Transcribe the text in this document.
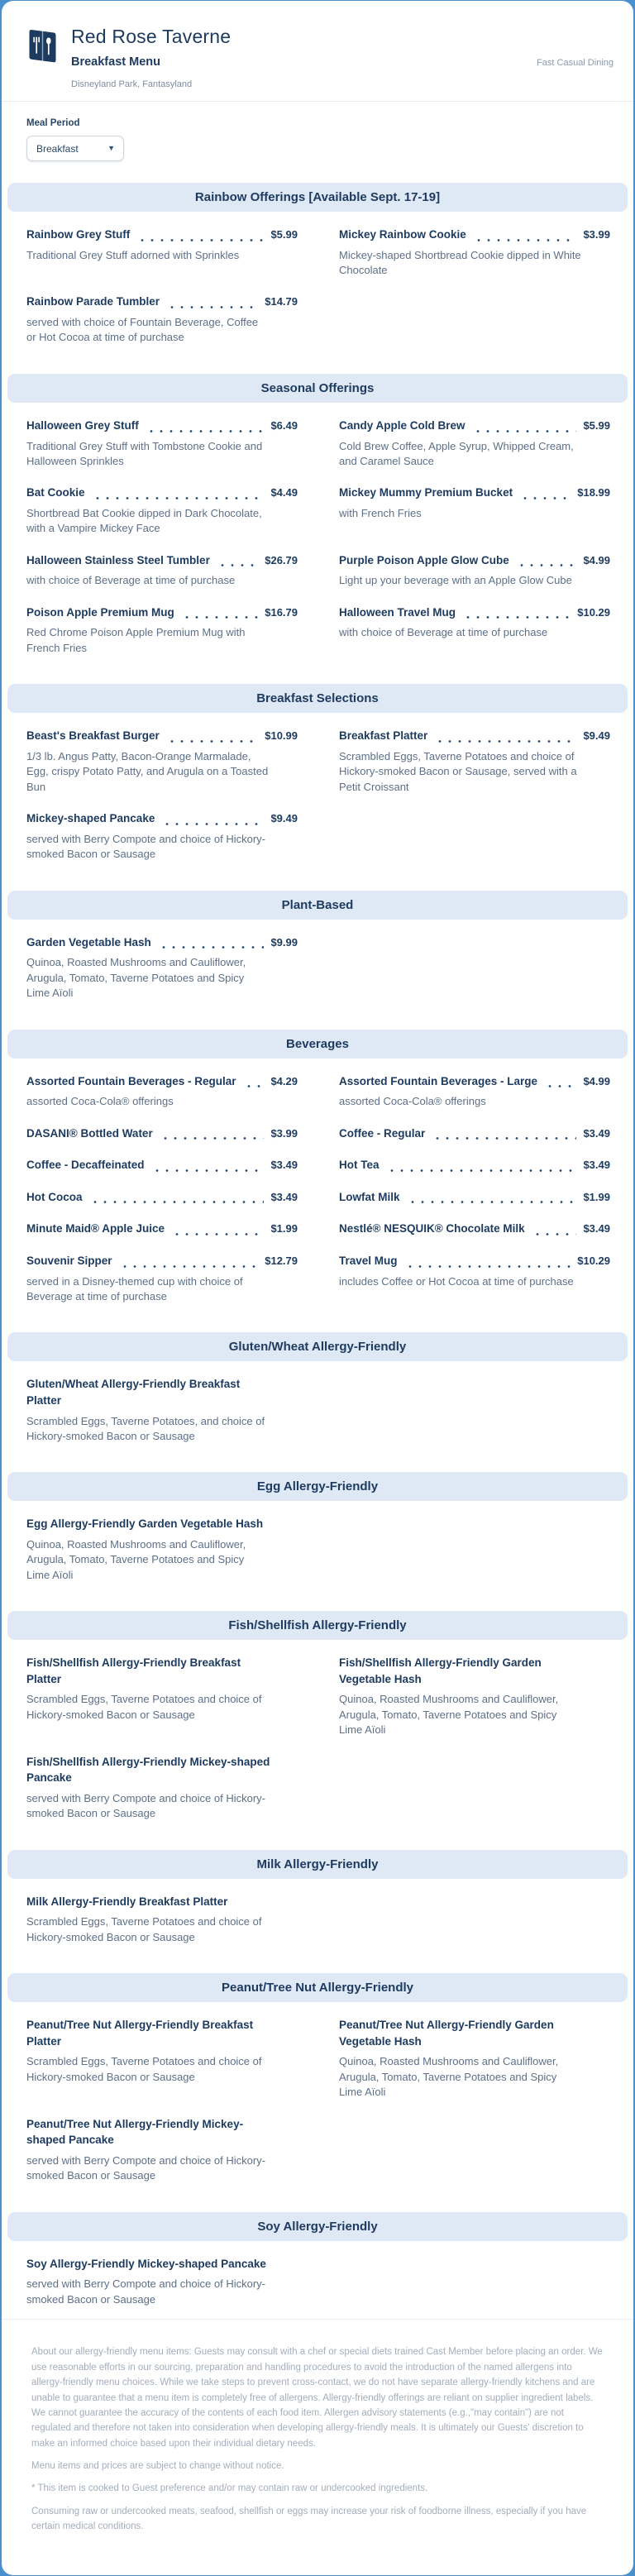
Red Rose Taverne
Breakfast Menu	Fast Casual Dining
Disneyland Park, Fantasyland
Meal Period
Breakfast	▼
Rainbow Offerings [Available Sept. 17-19]
Rainbow Grey Stuff	$5.99
Traditional Grey Stuff adorned with Sprinkles
Mickey Rainbow Cookie	$3.99
Mickey-shaped Shortbread Cookie dipped in White Chocolate
Rainbow Parade Tumbler	$14.79
served with choice of Fountain Beverage, Coffee or Hot Cocoa at time of purchase
Seasonal Offerings
Halloween Grey Stuff	$6.49
Traditional Grey Stuff with Tombstone Cookie and Halloween Sprinkles
Candy Apple Cold Brew	$5.99
Cold Brew Coffee, Apple Syrup, Whipped Cream, and Caramel Sauce
Bat Cookie	$4.49
Shortbread Bat Cookie dipped in Dark Chocolate, with a Vampire Mickey Face
Mickey Mummy Premium Bucket	$18.99
with French Fries
Halloween Stainless Steel Tumbler	$26.79
with choice of Beverage at time of purchase
Purple Poison Apple Glow Cube	$4.99
Light up your beverage with an Apple Glow Cube
Poison Apple Premium Mug	$16.79
Red Chrome Poison Apple Premium Mug with French Fries
Halloween Travel Mug	$10.29
with choice of Beverage at time of purchase
Breakfast Selections
Beast's Breakfast Burger	$10.99
1/3 lb. Angus Patty, Bacon-Orange Marmalade, Egg, crispy Potato Patty, and Arugula on a Toasted Bun
Breakfast Platter	$9.49
Scrambled Eggs, Taverne Potatoes and choice of Hickory-smoked Bacon or Sausage, served with a Petit Croissant
Mickey-shaped Pancake	$9.49
served with Berry Compote and choice of Hickory-smoked Bacon or Sausage
Plant-Based
Garden Vegetable Hash	$9.99
Quinoa, Roasted Mushrooms and Cauliflower, Arugula, Tomato, Taverne Potatoes and Spicy Lime Aïoli
Beverages
Assorted Fountain Beverages - Regular	$4.29
assorted Coca-Cola® offerings
Assorted Fountain Beverages - Large	$4.99
assorted Coca-Cola® offerings
DASANI® Bottled Water	$3.99	Coffee - Regular	$3.49
Coffee - Decaffeinated	$3.49	Hot Tea	$3.49
Hot Cocoa	$3.49	Lowfat Milk	$1.99
Minute Maid® Apple Juice	$1.99	Nestlé® NESQUIK® Chocolate Milk	$3.49
Souvenir Sipper	$12.79
served in a Disney-themed cup with choice of Beverage at time of purchase
Travel Mug	$10.29
includes Coffee or Hot Cocoa at time of purchase
Gluten/Wheat Allergy-Friendly
Gluten/Wheat Allergy-Friendly Breakfast Platter
Scrambled Eggs, Taverne Potatoes, and choice of Hickory-smoked Bacon or Sausage
Egg Allergy-Friendly
Egg Allergy-Friendly Garden Vegetable Hash
Quinoa, Roasted Mushrooms and Cauliflower, Arugula, Tomato, Taverne Potatoes and Spicy Lime Aïoli
Fish/Shellfish Allergy-Friendly
Fish/Shellfish Allergy-Friendly Breakfast Platter
Scrambled Eggs, Taverne Potatoes and choice of Hickory-smoked Bacon or Sausage
Fish/Shellfish Allergy-Friendly Garden Vegetable Hash
Quinoa, Roasted Mushrooms and Cauliflower, Arugula, Tomato, Taverne Potatoes and Spicy Lime Aïoli
Fish/Shellfish Allergy-Friendly Mickey-shaped Pancake
served with Berry Compote and choice of Hickory-smoked Bacon or Sausage
Milk Allergy-Friendly
Milk Allergy-Friendly Breakfast Platter
Scrambled Eggs, Taverne Potatoes and choice of Hickory-smoked Bacon or Sausage
Peanut/Tree Nut Allergy-Friendly
Peanut/Tree Nut Allergy-Friendly Breakfast Platter
Scrambled Eggs, Taverne Potatoes and choice of Hickory-smoked Bacon or Sausage
Peanut/Tree Nut Allergy-Friendly Garden Vegetable Hash
Quinoa, Roasted Mushrooms and Cauliflower, Arugula, Tomato, Taverne Potatoes and Spicy Lime Aïoli
Peanut/Tree Nut Allergy-Friendly Mickey-shaped Pancake
served with Berry Compote and choice of Hickory-smoked Bacon or Sausage
Soy Allergy-Friendly
Soy Allergy-Friendly Mickey-shaped Pancake
served with Berry Compote and choice of Hickory-smoked Bacon or Sausage

About our allergy-friendly menu items: Guests may consult with a chef or special diets trained Cast Member before placing an order. We use reasonable efforts in our sourcing, preparation and handling procedures to avoid the introduction of the named allergens into allergy-friendly menu choices. While we take steps to prevent cross-contact, we do not have separate allergy-friendly kitchens and are unable to guarantee that a menu item is completely free of allergens. Allergy-friendly offerings are reliant on supplier ingredient labels. We cannot guarantee the accuracy of the contents of each food item. Allergen advisory statements (e.g.,"may contain") are not regulated and therefore not taken into consideration when developing allergy-friendly meals. It is ultimately our Guests' discretion to make an informed choice based upon their individual dietary needs.

Menu items and prices are subject to change without notice.

* This item is cooked to Guest preference and/or may contain raw or undercooked ingredients.

Consuming raw or undercooked meats, seafood, shellfish or eggs may increase your risk of foodborne illness, especially if you have certain medical conditions.
